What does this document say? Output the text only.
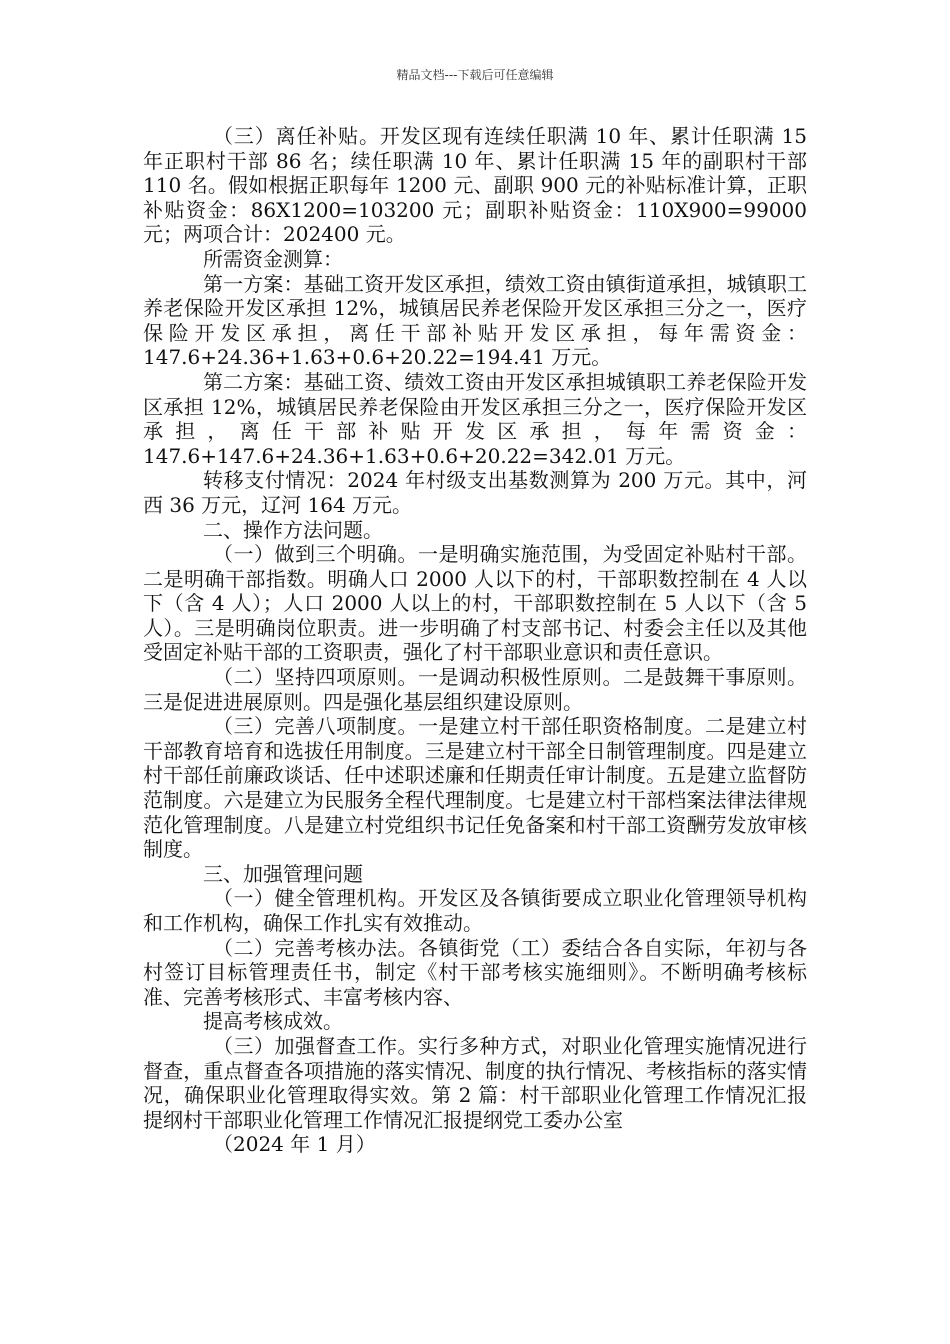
精品文档---下载后可任意编辑

（三）离任补贴。开发区现有连续任职满 10 年、累计任职满 15 年正职村干部 86 名；续任职满 10 年、累计任职满 15 年的副职村干部 110 名。假如根据正职每年 1200 元、副职 900 元的补贴标准计算，正职补贴资金：86X1200=103200 元；副职补贴资金：110X900=99000 元；两项合计：202400 元。

所需资金测算：

第一方案：基础工资开发区承担，绩效工资由镇街道承担，城镇职工养老保险开发区承担 12%，城镇居民养老保险开发区承担三分之一，医疗保险开发区承担，离任干部补贴开发区承担，每年需资金：147.6+24.36+1.63+0.6+20.22=194.41 万元。

第二方案：基础工资、绩效工资由开发区承担城镇职工养老保险开发区承担 12%，城镇居民养老保险由开发区承担三分之一，医疗保险开发区承担，离任干部补贴开发区承担，每年需资金：147.6+147.6+24.36+1.63+0.6+20.22=342.01 万元。

转移支付情况：2024 年村级支出基数测算为 200 万元。其中，河西 36 万元，辽河 164 万元。

二、操作方法问题。

（一）做到三个明确。一是明确实施范围，为受固定补贴村干部。二是明确干部指数。明确人口 2000 人以下的村，干部职数控制在 4 人以下（含 4 人）；人口 2000 人以上的村，干部职数控制在 5 人以下（含 5 人）。三是明确岗位职责。进一步明确了村支部书记、村委会主任以及其他受固定补贴干部的工资职责，强化了村干部职业意识和责任意识。

（二）坚持四项原则。一是调动积极性原则。二是鼓舞干事原则。三是促进进展原则。四是强化基层组织建设原则。

（三）完善八项制度。一是建立村干部任职资格制度。二是建立村干部教育培育和选拔任用制度。三是建立村干部全日制管理制度。四是建立村干部任前廉政谈话、任中述职述廉和任期责任审计制度。五是建立监督防范制度。六是建立为民服务全程代理制度。七是建立村干部档案法律法律规范化管理制度。八是建立村党组织书记任免备案和村干部工资酬劳发放审核制度。

三、加强管理问题

（一）健全管理机构。开发区及各镇街要成立职业化管理领导机构和工作机构，确保工作扎实有效推动。

（二）完善考核办法。各镇街党（工）委结合各自实际，年初与各村签订目标管理责任书，制定《村干部考核实施细则》。不断明确考核标准、完善考核形式、丰富考核内容、

提高考核成效。

（三）加强督查工作。实行多种方式，对职业化管理实施情况进行督查，重点督查各项措施的落实情况、制度的执行情况、考核指标的落实情况，确保职业化管理取得实效。第 2 篇：村干部职业化管理工作情况汇报提纲村干部职业化管理工作情况汇报提纲党工委办公室

（2024 年 1 月）
